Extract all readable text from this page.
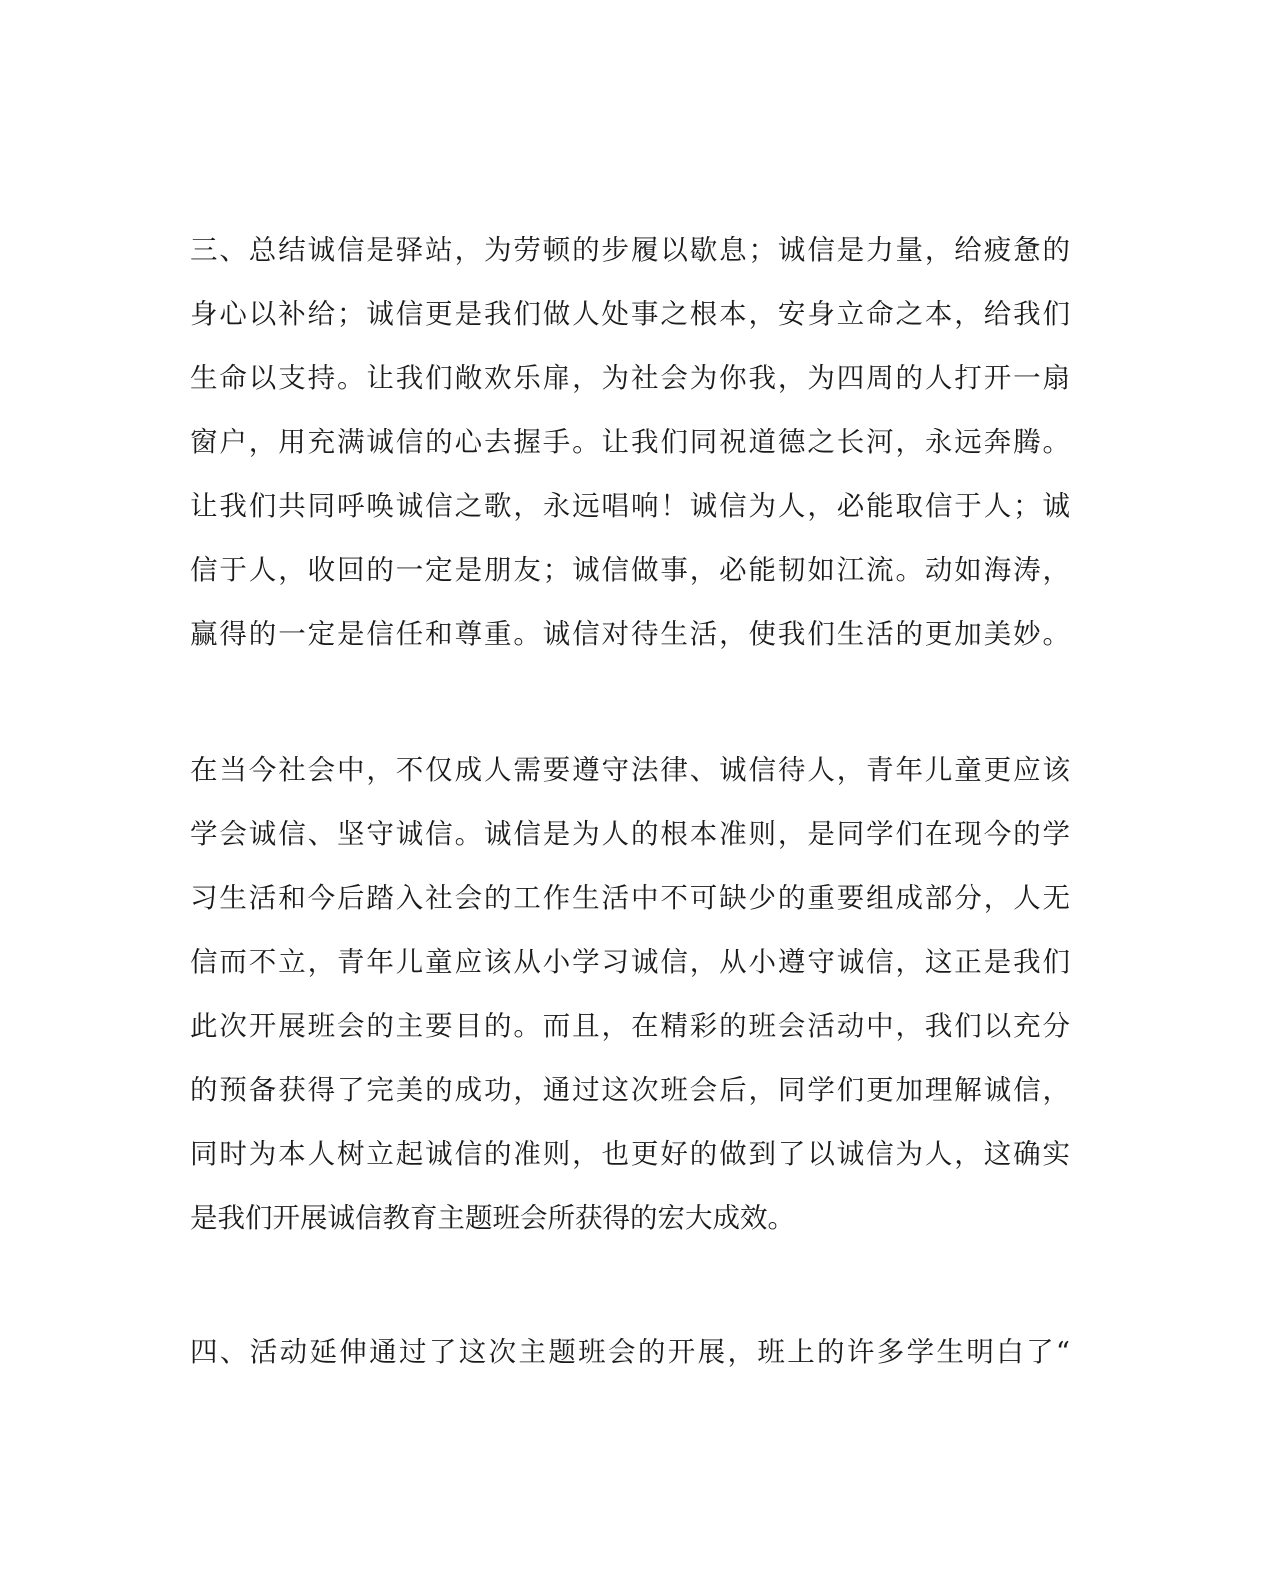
三、总结诚信是驿站，为劳顿的步履以歇息；诚信是力量，给疲惫的
身心以补给；诚信更是我们做人处事之根本，安身立命之本，给我们
生命以支持。让我们敞欢乐扉，为社会为你我，为四周的人打开一扇
窗户，用充满诚信的心去握手。让我们同祝道德之长河，永远奔腾。
让我们共同呼唤诚信之歌，永远唱响！诚信为人，必能取信于人；诚
信于人，收回的一定是朋友；诚信做事，必能韧如江流。动如海涛，
赢得的一定是信任和尊重。诚信对待生活，使我们生活的更加美妙。
在当今社会中，不仅成人需要遵守法律、诚信待人，青年儿童更应该
学会诚信、坚守诚信。诚信是为人的根本准则，是同学们在现今的学
习生活和今后踏入社会的工作生活中不可缺少的重要组成部分，人无
信而不立，青年儿童应该从小学习诚信，从小遵守诚信，这正是我们
此次开展班会的主要目的。而且，在精彩的班会活动中，我们以充分
的预备获得了完美的成功，通过这次班会后，同学们更加理解诚信，
同时为本人树立起诚信的准则，也更好的做到了以诚信为人，这确实
是我们开展诚信教育主题班会所获得的宏大成效。
四、活动延伸通过了这次主题班会的开展，班上的许多学生明白了“
